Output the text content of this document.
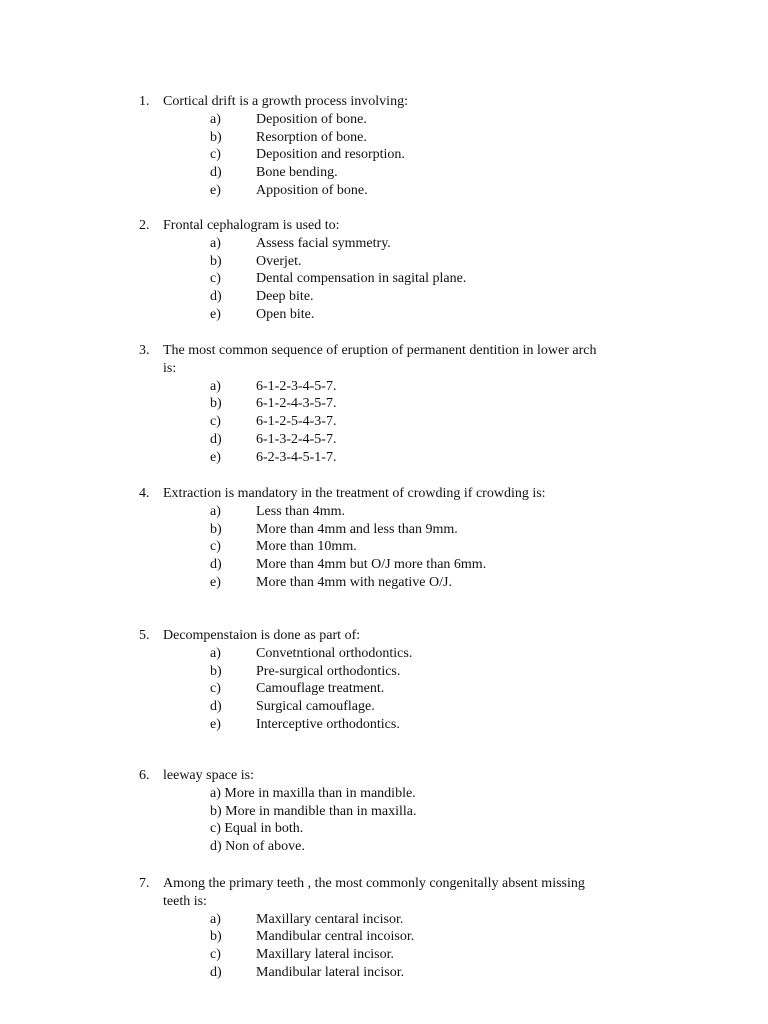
1. Cortical drift is a growth process involving:
a)	Deposition of bone.
b) Resorption of bone.
c)	Deposition and resorption.
d) Bone bending.
e)	Apposition of bone.
2. Frontal cephalogram is used to:
a)	Assess facial symmetry.
b) Overjet.
c)	Dental compensation in sagital plane.
d) Deep bite.
e)	Open bite.
3. The most common sequence of eruption of permanent dentition in lower arch
is:
a)	6-1-2-3-4-5-7.
b) 6-1-2-4-3-5-7.
c)	6-1-2-5-4-3-7.
d) 6-1-3-2-4-5-7.
e)	6-2-3-4-5-1-7.
4. Extraction is mandatory in the treatment of crowding if crowding is:
a)	Less than 4mm.
b) More than 4mm and less than 9mm.
c)	More than 10mm.
d) More than 4mm but O/J more than 6mm.
e)	More than 4mm with negative O/J.
5. Decompenstaion is done as part of:
a)	Convetntional orthodontics.
b) Pre-surgical orthodontics.
c)	Camouflage treatment.
d) Surgical camouflage.
e)	Interceptive orthodontics.
6. leeway space is:
a) More in maxilla than in mandible.
b) More in mandible than in maxilla.
c) Equal in both.
d) Non of above.
7. Among the primary teeth , the most commonly congenitally absent missing
teeth is:
a)	Maxillary centaral incisor.
b) Mandibular central incoisor.
c)	Maxillary lateral incisor.
d) Mandibular lateral incisor.
